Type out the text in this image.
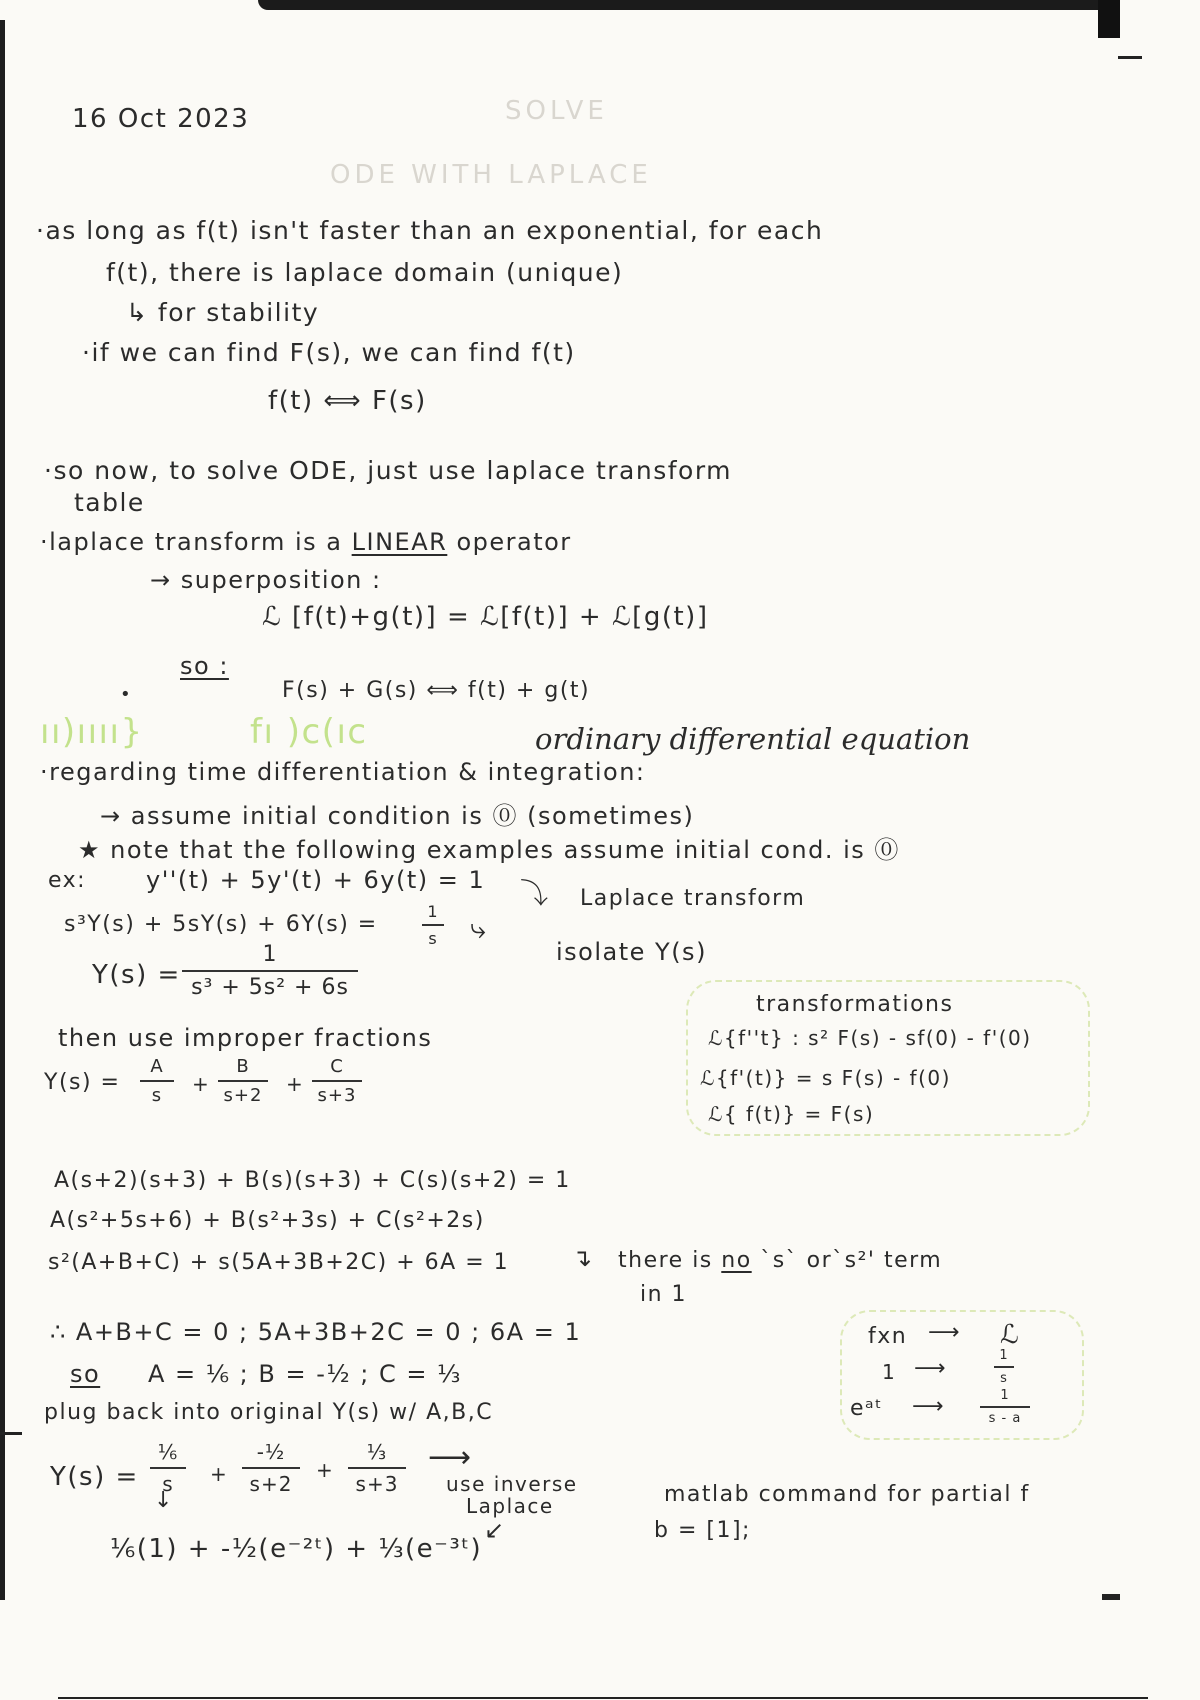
SOLVE
ODE WITH LAPLACE
16 Oct 2023
·as long as f(t) isn't faster than an exponential, for each
f(t), there is laplace domain (unique)
↳ for stability
·if we can find F(s), we can find f(t)
f(t) ⟺ F(s)
·so now, to solve ODE, just use laplace transform
table
·laplace transform is a LINEAR operator
→ superposition :
ℒ [f(t)+g(t)] = ℒ[f(t)] + ℒ[g(t)]
so :
F(s) + G(s) ⟺ f(t) + g(t)
•
ıı)ıııı}	fı )c(ıc	ordinary differential equation
·regarding time differentiation & integration:
→ assume initial condition is ⓪ (sometimes)
★ note that the following examples assume initial cond. is ⓪
ex: y''(t) + 5y'(t) + 6y(t) = 1 ⤵ Laplace transform
s³Y(s) + 5sY(s) + 6Y(s) =
1
s ⤷
isolate Y(s)
Y(s) =
1
s³ + 5s² + 6s
then use improper fractions
Y(s) =
A
s	+
B
s+2 +
C
s+3
transformations
ℒ{f''t} : s² F(s) - sf(0) - f'(0)
ℒ{f'(t)} = s F(s) - f(0)
ℒ{ f(t)} = F(s)
A(s+2)(s+3) + B(s)(s+3) + C(s)(s+2) = 1
A(s²+5s+6) + B(s²+3s) + C(s²+2s)
s²(A+B+C) + s(5A+3B+2C) + 6A = 1	↴ there is no `s` or`s²' term
in 1
∴ A+B+C = 0 ; 5A+3B+2C = 0 ; 6A = 1
so A = ⅙ ; B = -½ ; C = ⅓
plug back into original Y(s) w/ A,B,C
fxn ⟶ ℒ
1 ⟶
1
s
eᵃᵗ ⟶	1
s - a
Y(s) =
⅙
s	+
-½
s+2
+
⅓
s+3
⟶
use inverse
Laplace
↓
↙
⅙(1) + -½(e⁻²ᵗ) + ⅓(e⁻³ᵗ)
matlab command for partial f
b = [1];
